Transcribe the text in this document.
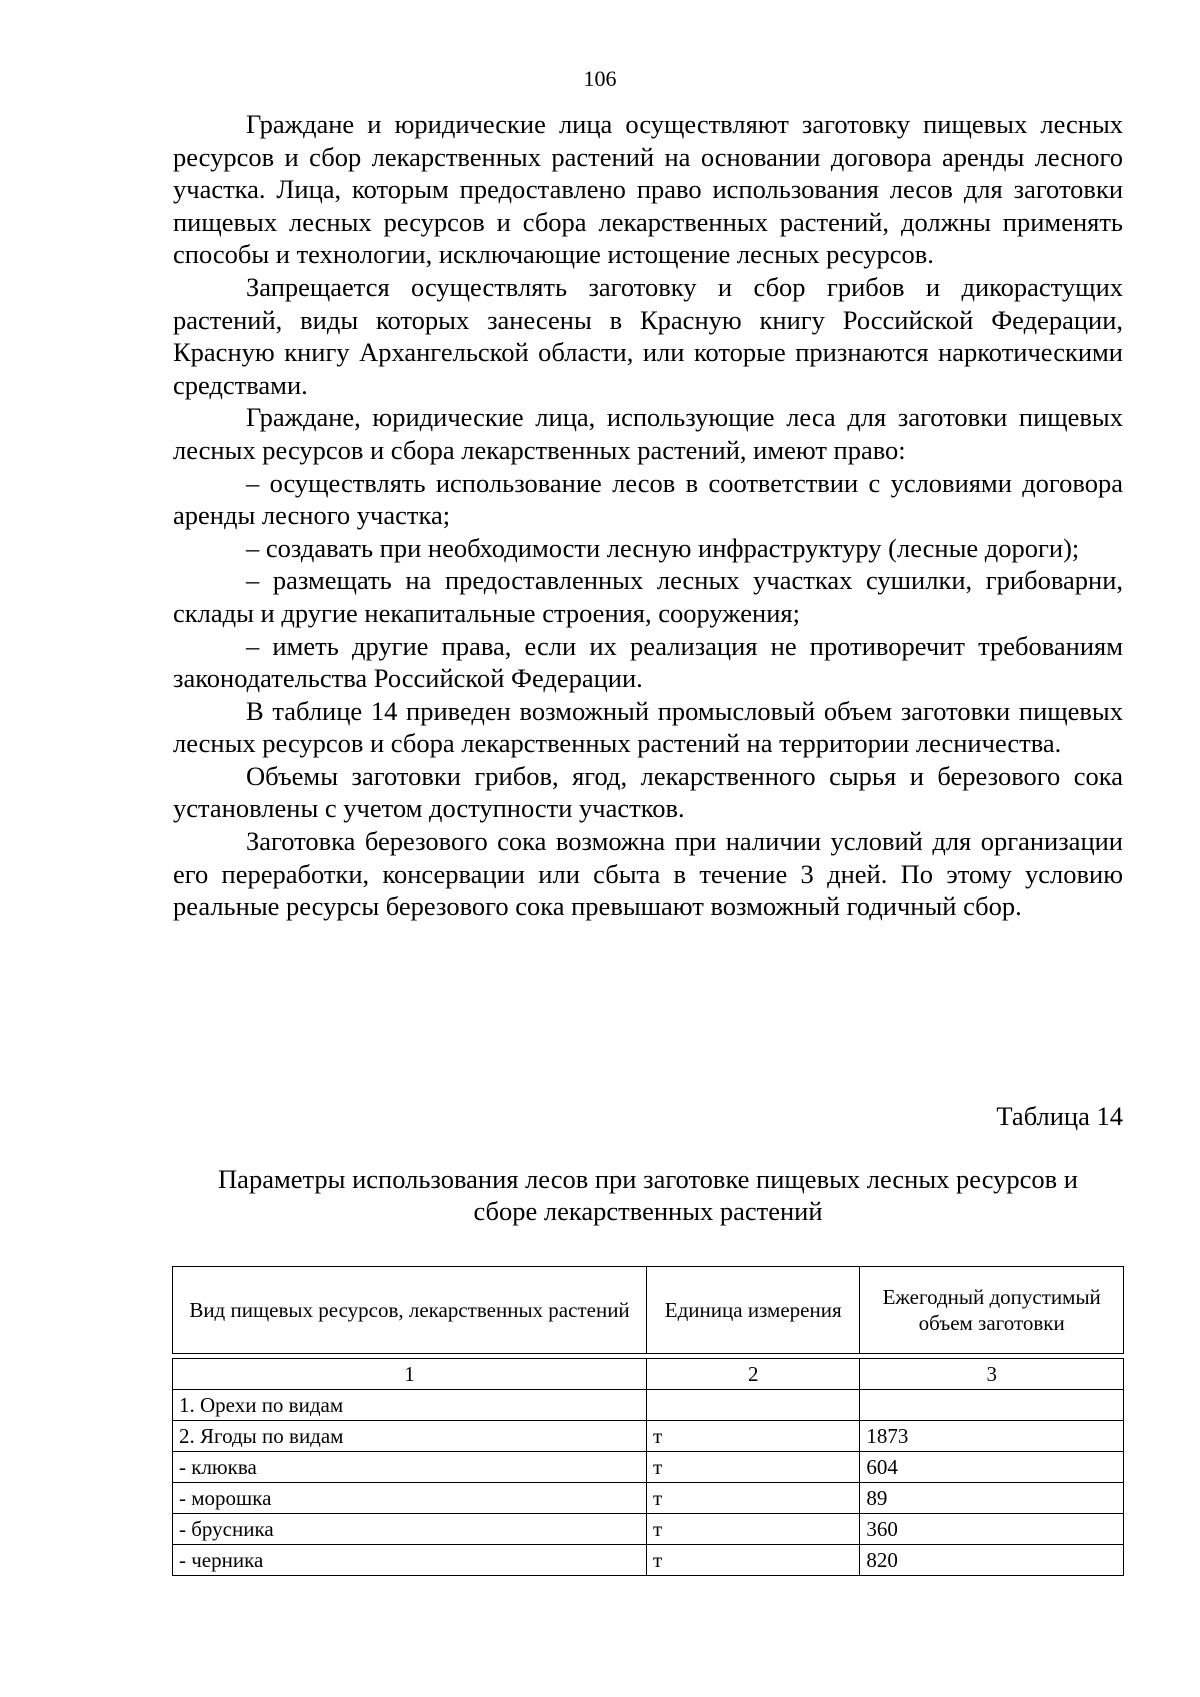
106

Граждане и юридические лица осуществляют заготовку пищевых лесных ресурсов и сбор лекарственных растений на основании договора аренды лесного участка. Лица, которым предоставлено право использования лесов для заготовки пищевых лесных ресурсов и сбора лекарственных растений, должны применять способы и технологии, исключающие истощение лесных ресурсов.

Запрещается осуществлять заготовку и сбор грибов и дикорастущих растений, виды которых занесены в Красную книгу Российской Федерации, Красную книгу Архангельской области, или которые признаются наркотическими средствами.

Граждане, юридические лица, использующие леса для заготовки пищевых лесных ресурсов и сбора лекарственных растений, имеют право:

– осуществлять использование лесов в соответствии с условиями договора аренды лесного участка;

– создавать при необходимости лесную инфраструктуру (лесные дороги);

– размещать на предоставленных лесных участках сушилки, грибоварни, склады и другие некапитальные строения, сооружения;

– иметь другие права, если их реализация не противоречит требованиям законодательства Российской Федерации.

В таблице 14 приведен возможный промысловый объем заготовки пищевых лесных ресурсов и сбора лекарственных растений на территории лесничества.

Объемы заготовки грибов, ягод, лекарственного сырья и березового сока установлены с учетом доступности участков.

Заготовка березового сока возможна при наличии условий для организации его переработки, консервации или сбыта в течение 3 дней. По этому условию реальные ресурсы березового сока превышают возможный годичный сбор.

Таблица 14
Параметры использования лесов при заготовке пищевых лесных ресурсов и
сборе лекарственных растений
Вид пищевых ресурсов, лекарственных растений	Единица измерения	Ежегодный допустимый объем заготовки

1	2	3
1. Орехи по видам		
2. Ягоды по видам	т	1873
- клюква	т	604
- морошка	т	89
- брусника	т	360
- черника	т	820
